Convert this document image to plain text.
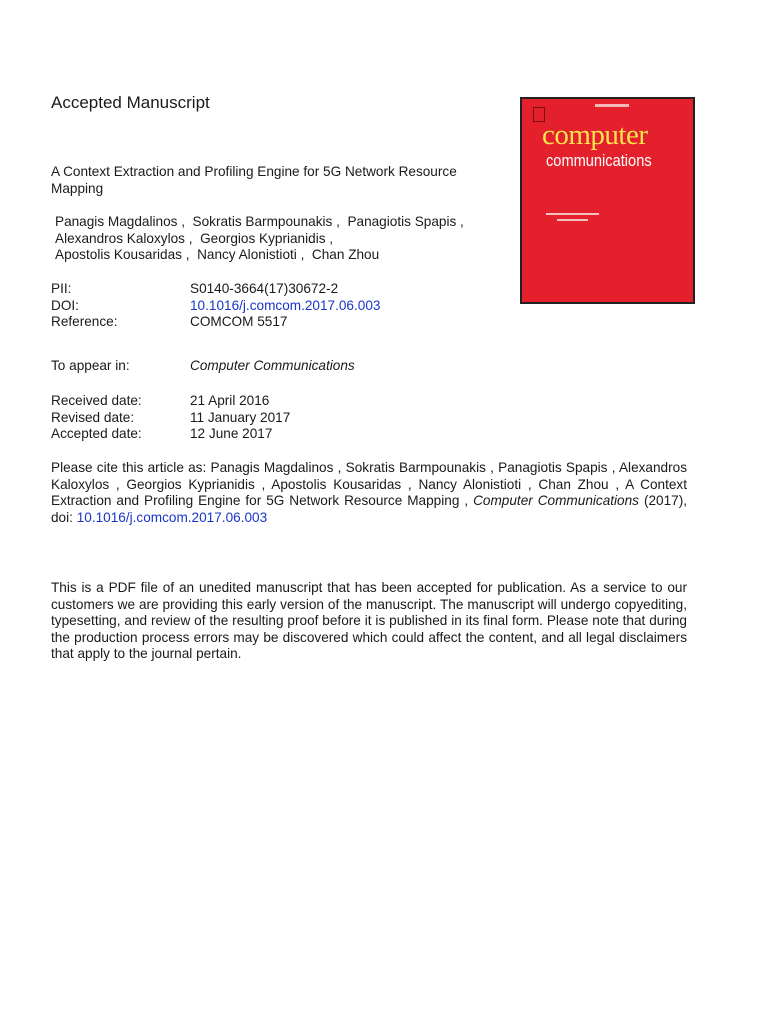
Accepted Manuscript
A Context Extraction and Profiling Engine for 5G Network Resource Mapping
Panagis Magdalinos , Sokratis Barmpounakis , Panagiotis Spapis ,
Alexandros Kaloxylos , Georgios Kyprianidis ,
Apostolis Kousaridas , Nancy Alonistioti , Chan Zhou
PII:	S0140-3664(17)30672-2
DOI:	10.1016/j.comcom.2017.06.003
Reference:	COMCOM 5517
To appear in:	Computer Communications
Received date:	21 April 2016
Revised date:	11 January 2017
Accepted date:	12 June 2017
computer
communications
Please cite this article as: Panagis Magdalinos , Sokratis Barmpounakis , Panagiotis Spapis , Alexandros Kaloxylos , Georgios Kyprianidis , Apostolis Kousaridas , Nancy Alonistioti , Chan Zhou , A Context Extraction and Profiling Engine for 5G Network Resource Mapping , Computer Communications (2017), doi: 10.1016/j.comcom.2017.06.003
This is a PDF file of an unedited manuscript that has been accepted for publication. As a service to our customers we are providing this early version of the manuscript. The manuscript will undergo copyediting, typesetting, and review of the resulting proof before it is published in its final form. Please note that during the production process errors may be discovered which could affect the content, and all legal disclaimers that apply to the journal pertain.
